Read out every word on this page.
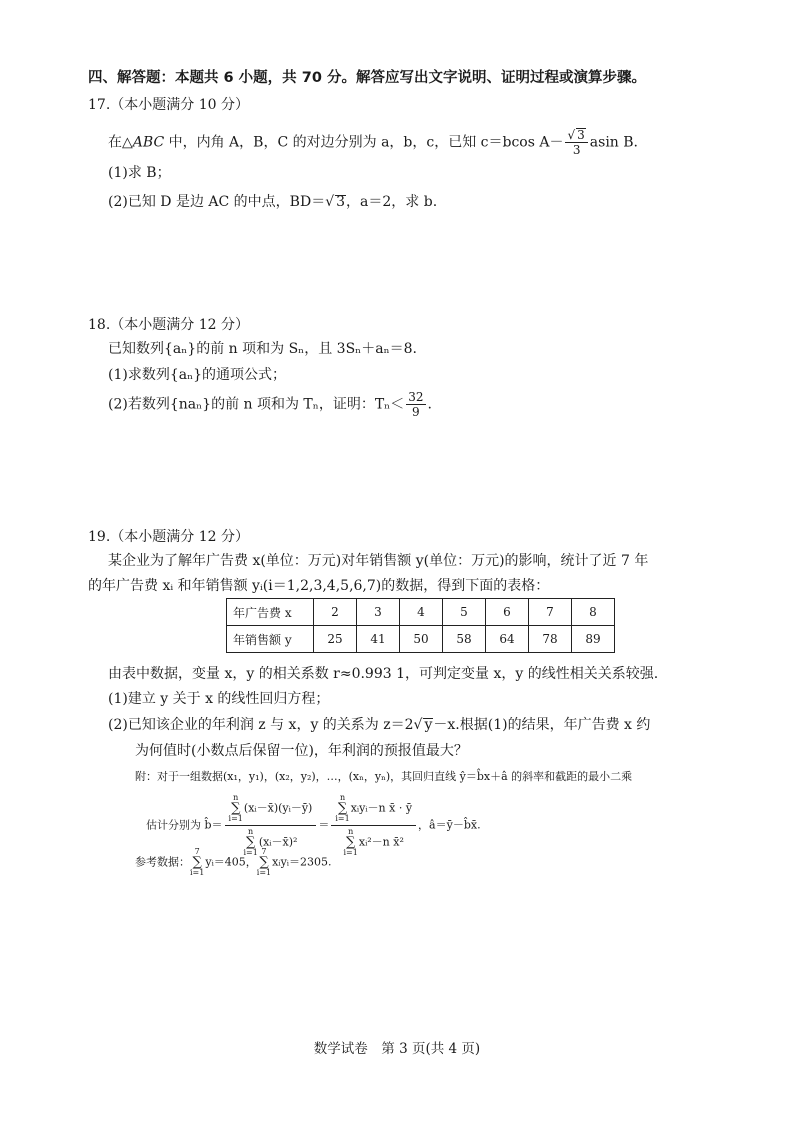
四、解答题：本题共 6 小题，共 70 分。解答应写出文字说明、证明过程或演算步骤。
17.（本小题满分 10 分）
在△ABC 中，内角 A，B，C 的对边分别为 a，b，c，已知 c＝bcos $A- \frac{√ 3}{3}$ asin B.
(1)求 B；
(2)已知 D 是边 AC 的中点，BD＝√ 3，a＝2，求 b.
18.（本小题满分 12 分）
已知数列{aₙ}的前 n 项和为 Sₙ，且 3Sₙ＋aₙ＝8.
(1)求数列{aₙ}的通项公式；
(2)若数列{naₙ}的前 n 项和为 Tₙ，证明：$T_n< \frac{32}{9}$ .
19.（本小题满分 12 分）
某企业为了解年广告费 x(单位：万元)对年销售额 y(单位：万元)的影响，统计了近 7 年
的年广告费 xᵢ 和年销售额 yᵢ(i＝1,2,3,4,5,6,7)的数据，得到下面的表格：
年广告费 x	2	3	4	5	6	7	8
年销售额 y	25	41	50	58	64	78	89
由表中数据，变量 x，y 的相关系数 r≈0.993 1，可判定变量 x，y 的线性相关关系较强.
(1)建立 y 关于 x 的线性回归方程；
(2)已知该企业的年利润 z 与 x，y 的关系为 z＝2√ y－x.根据(1)的结果，年广告费 x 约
为何值时(小数点后保留一位)，年利润的预报值最大？
附：对于一组数据(x₁，y₁)，(x₂，y₂)，…，(xₙ，yₙ)，其回归直线 ŷ＝b̂x＋â 的斜率和截距的最小二乘
估计分别为 b̂＝ n
∑
i=1(xᵢ－x̄)(yᵢ－ȳ)
n
∑
i=1(xᵢ－x̄)² ＝ n
∑
i=1xᵢyᵢ－n x̄ · ȳ
n
∑
i=1xᵢ²－n x̄² ，â＝ȳ－b̂x̄.
参考数据：7
∑
i=1yᵢ＝405，7
∑
i=1xᵢyᵢ＝2305.
数学试卷　第 3 页(共 4 页)
